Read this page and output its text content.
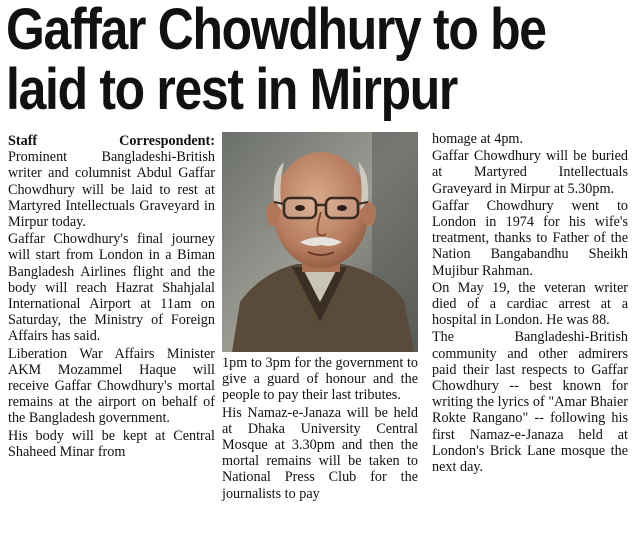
Gaffar Chowdhury to be
laid to rest in Mirpur
Staff Correspondent:

Prominent Bangladeshi-British writer and columnist Abdul Gaffar Chowdhury will be laid to rest at Martyred Intellectuals Graveyard in Mirpur today.

Gaffar Chowdhury's final journey will start from London in a Biman Bangladesh Airlines flight and the body will reach Hazrat Shahjalal International Airport at 11am on Saturday, the Ministry of Foreign Affairs has said.

Liberation War Affairs Minister AKM Mozammel Haque will receive Gaffar Chowdhury's mortal remains at the airport on behalf of the Bangladesh government.

His body will be kept at Central Shaheed Minar from

1pm to 3pm for the government to give a guard of honour and the people to pay their last tributes.

His Namaz-e-Janaza will be held at Dhaka University Central Mosque at 3.30pm and then the mortal remains will be taken to National Press Club for the journalists to pay

homage at 4pm.

Gaffar Chowdhury will be buried at Martyred Intellectuals Graveyard in Mirpur at 5.30pm.

Gaffar Chowdhury went to London in 1974 for his wife's treatment, thanks to Father of the Nation Bangabandhu Sheikh Mujibur Rahman.

On May 19, the veteran writer died of a cardiac arrest at a hospital in London. He was 88.

The Bangladeshi-British community and other admirers paid their last respects to Gaffar Chowdhury -- best known for writing the lyrics of "Amar Bhaier Rokte Rangano" -- following his first Namaz-e-Janaza held at London's Brick Lane mosque the next day.
